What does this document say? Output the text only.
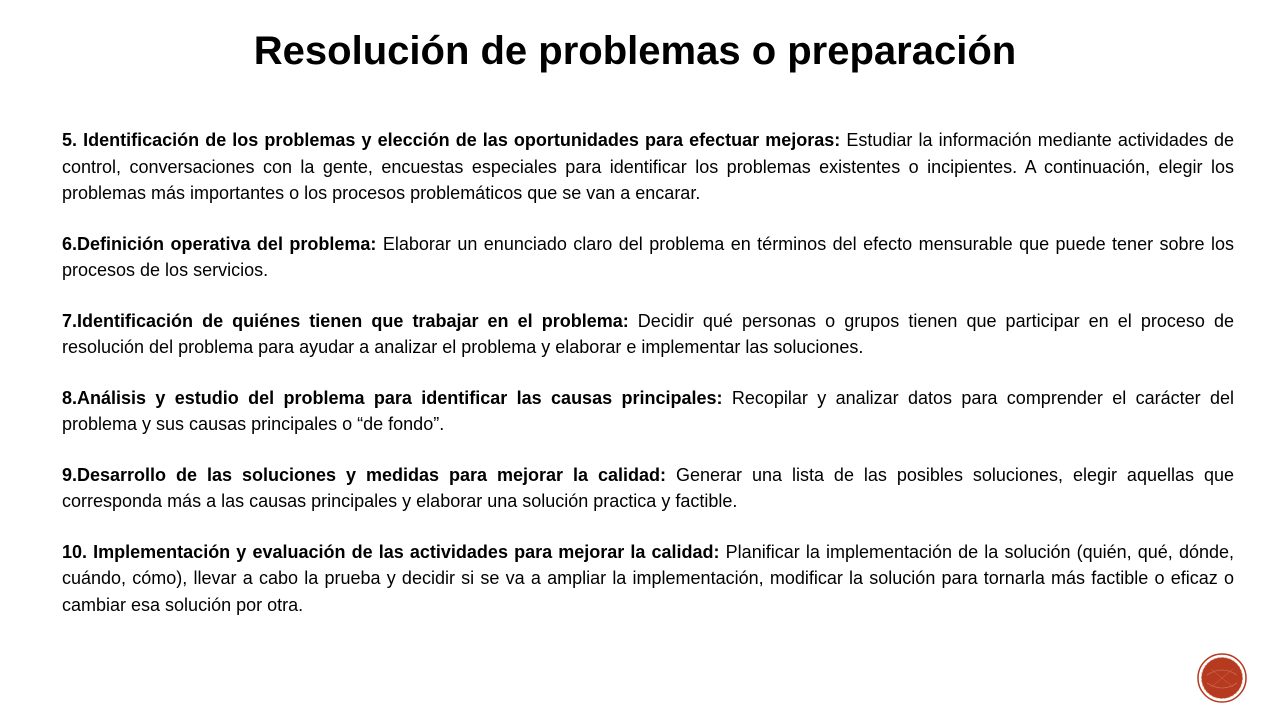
Resolución de problemas o preparación

5. Identificación de los problemas y elección de las oportunidades para efectuar mejoras: Estudiar la información mediante actividades de control, conversaciones con la gente, encuestas especiales para identificar los problemas existentes o incipientes. A continuación, elegir los problemas más importantes o los procesos problemáticos que se van a encarar.

6.Definición operativa del problema: Elaborar un enunciado claro del problema en términos del efecto mensurable que puede tener sobre los procesos de los servicios.

7.Identificación de quiénes tienen que trabajar en el problema: Decidir qué personas o grupos tienen que participar en el proceso de resolución del problema para ayudar a analizar el problema y elaborar e implementar las soluciones.

8.Análisis y estudio del problema para identificar las causas principales: Recopilar y analizar datos para comprender el carácter del problema y sus causas principales o “de fondo”.

9.Desarrollo de las soluciones y medidas para mejorar la calidad: Generar una lista de las posibles soluciones, elegir aquellas que corresponda más a las causas principales y elaborar una solución practica y factible.

10. Implementación y evaluación de las actividades para mejorar la calidad: Planificar la implementación de la solución (quién, qué, dónde, cuándo, cómo), llevar a cabo la prueba y decidir si se va a ampliar la implementación, modificar la solución para tornarla más factible o eficaz o cambiar esa solución por otra.
